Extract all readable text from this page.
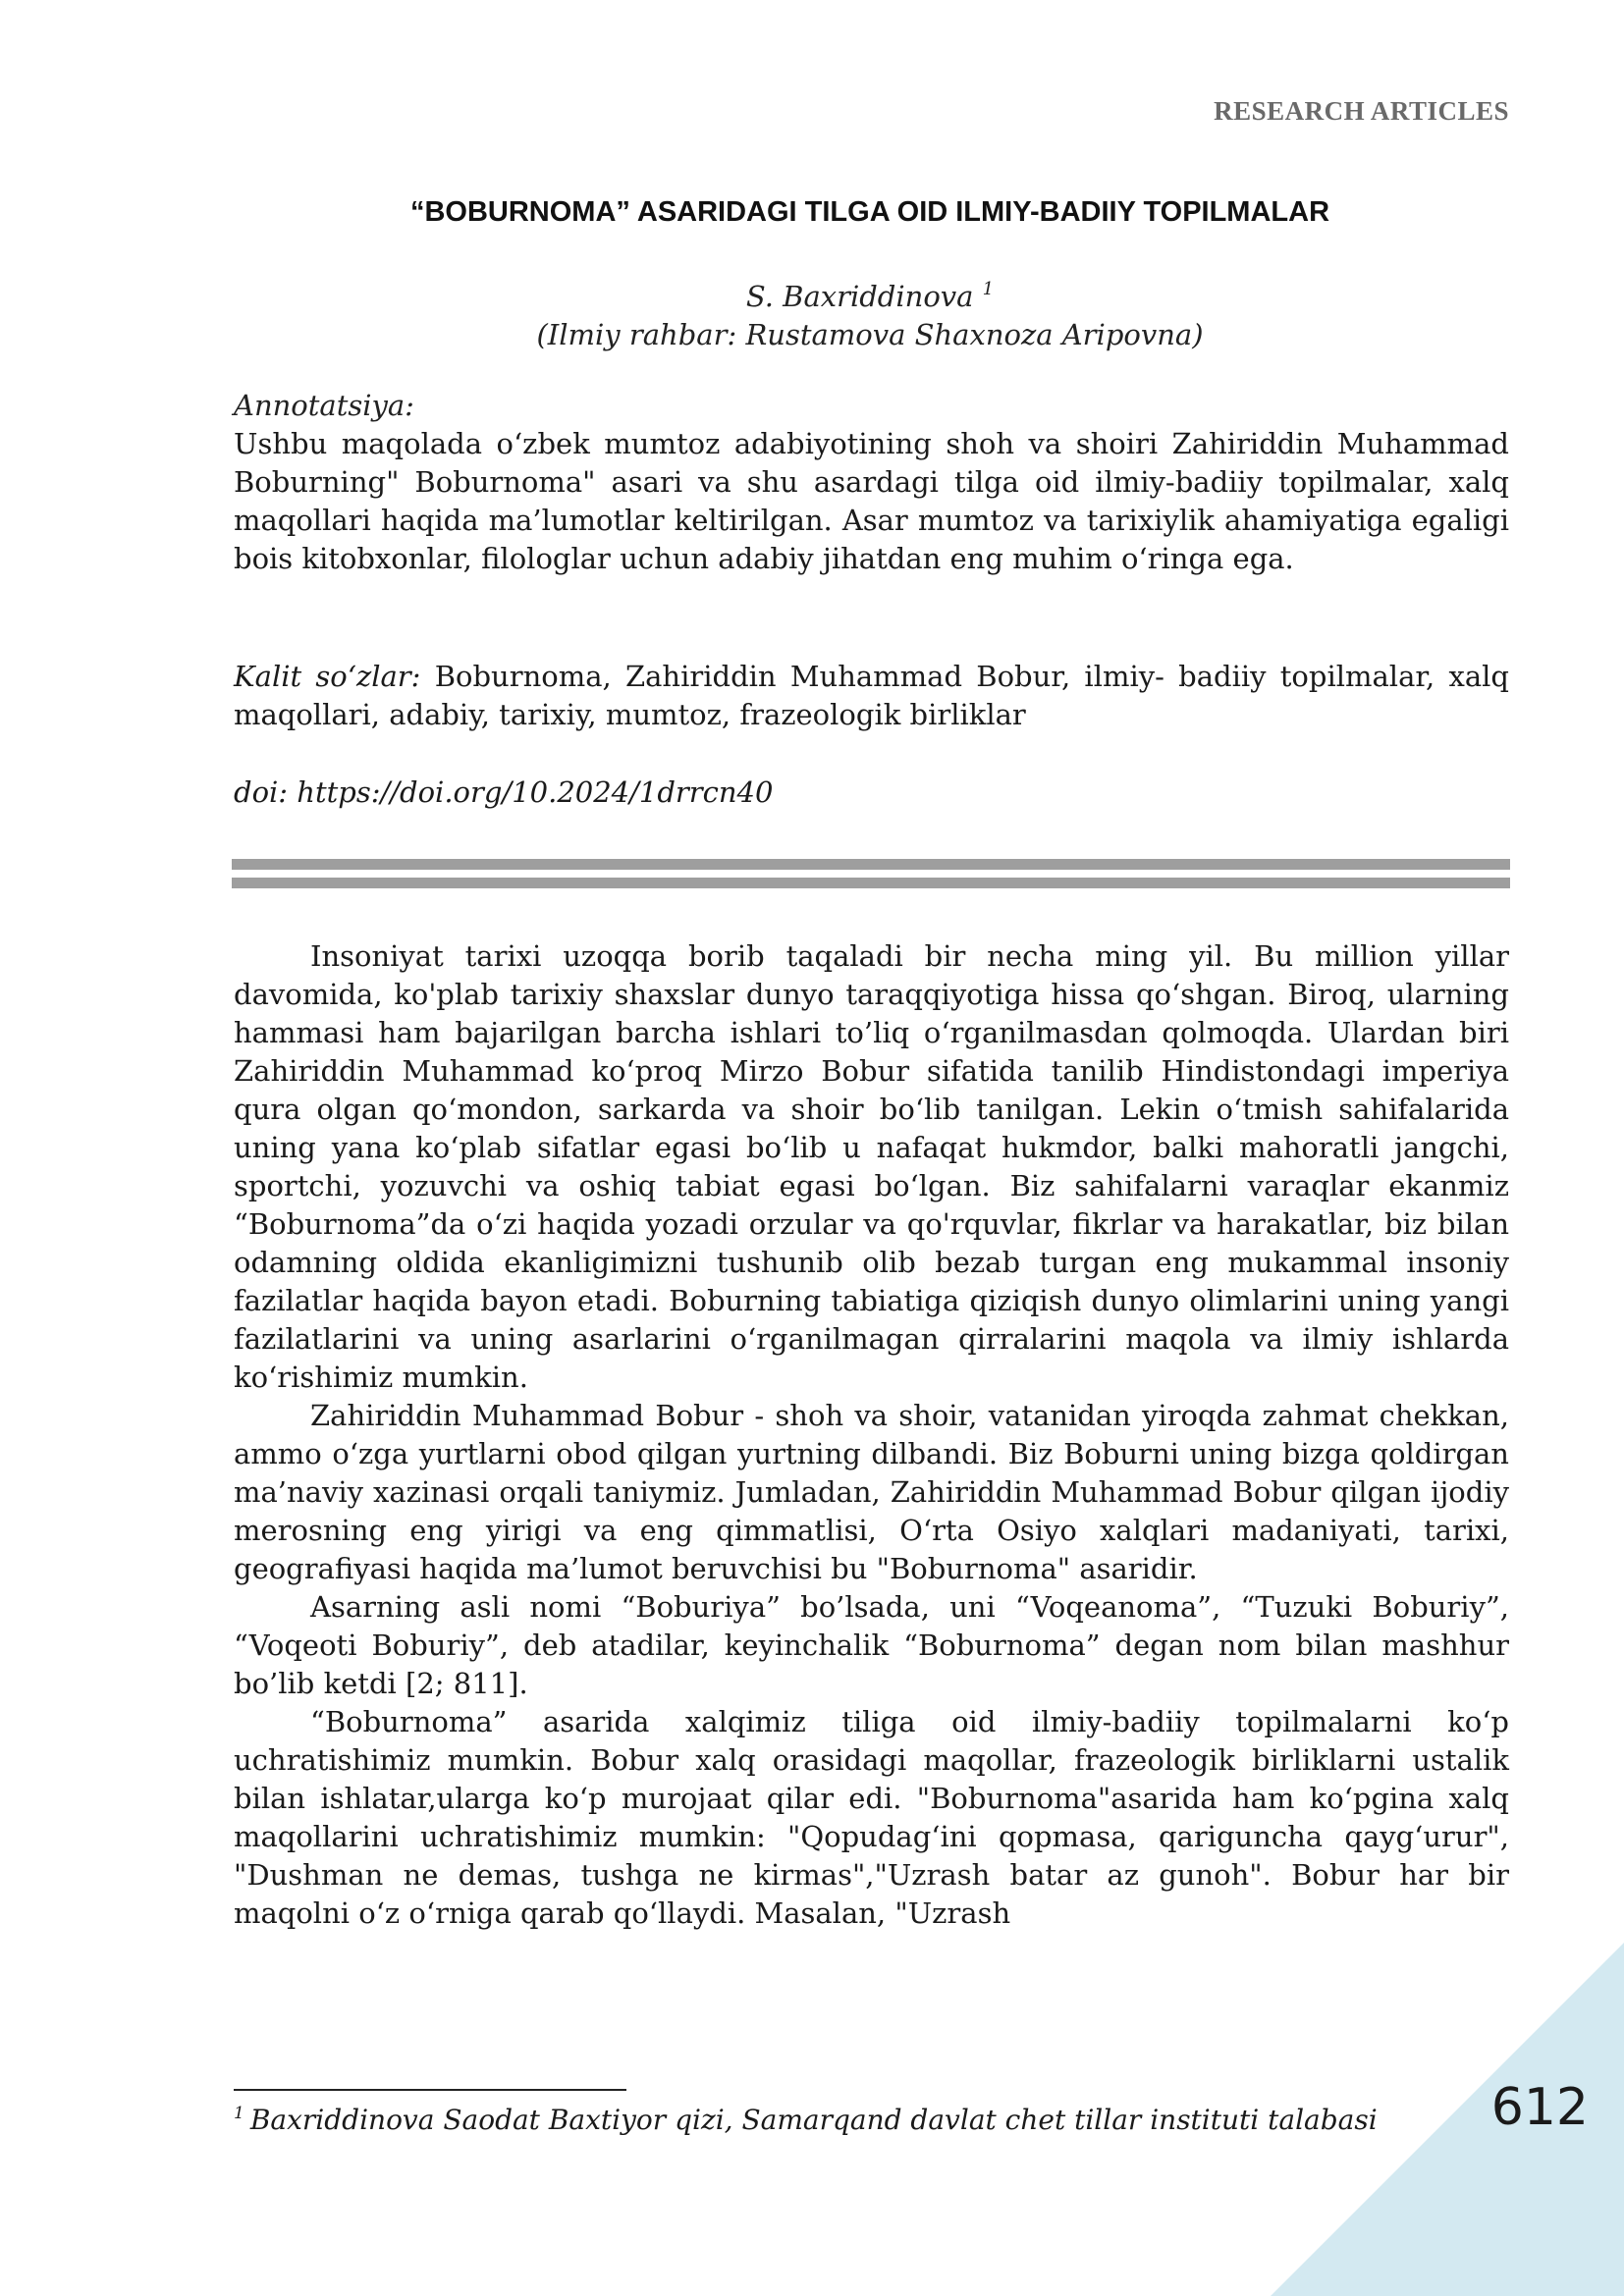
RESEARCH ARTICLES
“BOBURNOMA” ASARIDAGI TILGA OID ILMIY-BADIIY TOPILMALAR
S. Baxriddinova $^1$
(Ilmiy rahbar: Rustamova Shaxnoza Aripovna)
Annotatsiya:
Ushbu maqolada o‘zbek mumtoz adabiyotining shoh va shoiri Zahiriddin Muhammad Boburning" Boburnoma" asari va shu asardagi tilga oid ilmiy-badiiy topilmalar, xalq maqollari haqida ma’lumotlar keltirilgan. Asar mumtoz va tarixiylik ahamiyatiga egaligi bois kitobxonlar, filologlar uchun adabiy jihatdan eng muhim o‘ringa ega.
Kalit so‘zlar: Boburnoma, Zahiriddin Muhammad Bobur, ilmiy- badiiy topilmalar, xalq maqollari, adabiy, tarixiy, mumtoz, frazeologik birliklar
doi: https://doi.org/10.2024/1drrcn40

Insoniyat tarixi uzoqqa borib taqaladi bir necha ming yil. Bu million yillar davomida, ko'plab tarixiy shaxslar dunyo taraqqiyotiga hissa qo‘shgan. Biroq, ularning hammasi ham bajarilgan barcha ishlari to’liq o‘rganilmasdan qolmoqda. Ulardan biri Zahiriddin Muhammad ko‘proq Mirzo Bobur sifatida tanilib Hindistondagi imperiya qura olgan qo‘mondon, sarkarda va shoir bo‘lib tanilgan. Lekin o‘tmish sahifalarida uning yana ko‘plab sifatlar egasi bo‘lib u nafaqat hukmdor, balki mahoratli jangchi, sportchi, yozuvchi va oshiq tabiat egasi bo‘lgan. Biz sahifalarni varaqlar ekanmiz “Boburnoma”da o‘zi haqida yozadi orzular va qo'rquvlar, fikrlar va harakatlar, biz bilan odamning oldida ekanligimizni tushunib olib bezab turgan eng mukammal insoniy fazilatlar haqida bayon etadi. Boburning tabiatiga qiziqish dunyo olimlarini uning yangi fazilatlarini va uning asarlarini o‘rganilmagan qirralarini maqola va ilmiy ishlarda ko‘rishimiz mumkin.

Zahiriddin Muhammad Bobur - shoh va shoir, vatanidan yiroqda zahmat chekkan, ammo o‘zga yurtlarni obod qilgan yurtning dilbandi. Biz Boburni uning bizga qoldirgan ma’naviy xazinasi orqali taniymiz. Jumladan, Zahiriddin Muhammad Bobur qilgan ijodiy merosning eng yirigi va eng qimmatlisi, O‘rta Osiyo xalqlari madaniyati, tarixi, geografiyasi haqida ma’lumot beruvchisi bu "Boburnoma" asaridir.

Asarning asli nomi “Boburiya” bo’lsada, uni “Voqeanoma”, “Tuzuki Boburiy”, “Voqeoti Boburiy”, deb atadilar, keyinchalik “Boburnoma” degan nom bilan mashhur bo’lib ketdi [2; 811].

“Boburnoma” asarida xalqimiz tiliga oid ilmiy-badiiy topilmalarni ko‘p uchratishimiz mumkin. Bobur xalq orasidagi maqollar, frazeologik birliklarni ustalik bilan ishlatar,ularga ko‘p murojaat qilar edi. "Boburnoma"asarida ham ko‘pgina xalq maqollarini uchratishimiz mumkin: "Qopudag‘ini qopmasa, qariguncha qayg‘urur", "Dushman ne demas, tushga ne kirmas","Uzrash batar az gunoh". Bobur har bir maqolni o‘z o‘rniga qarab qo‘llaydi. Masalan, "Uzrash

$^1$ Baxriddinova Saodat Baxtiyor qizi, Samarqand davlat chet tillar instituti talabasi 612
